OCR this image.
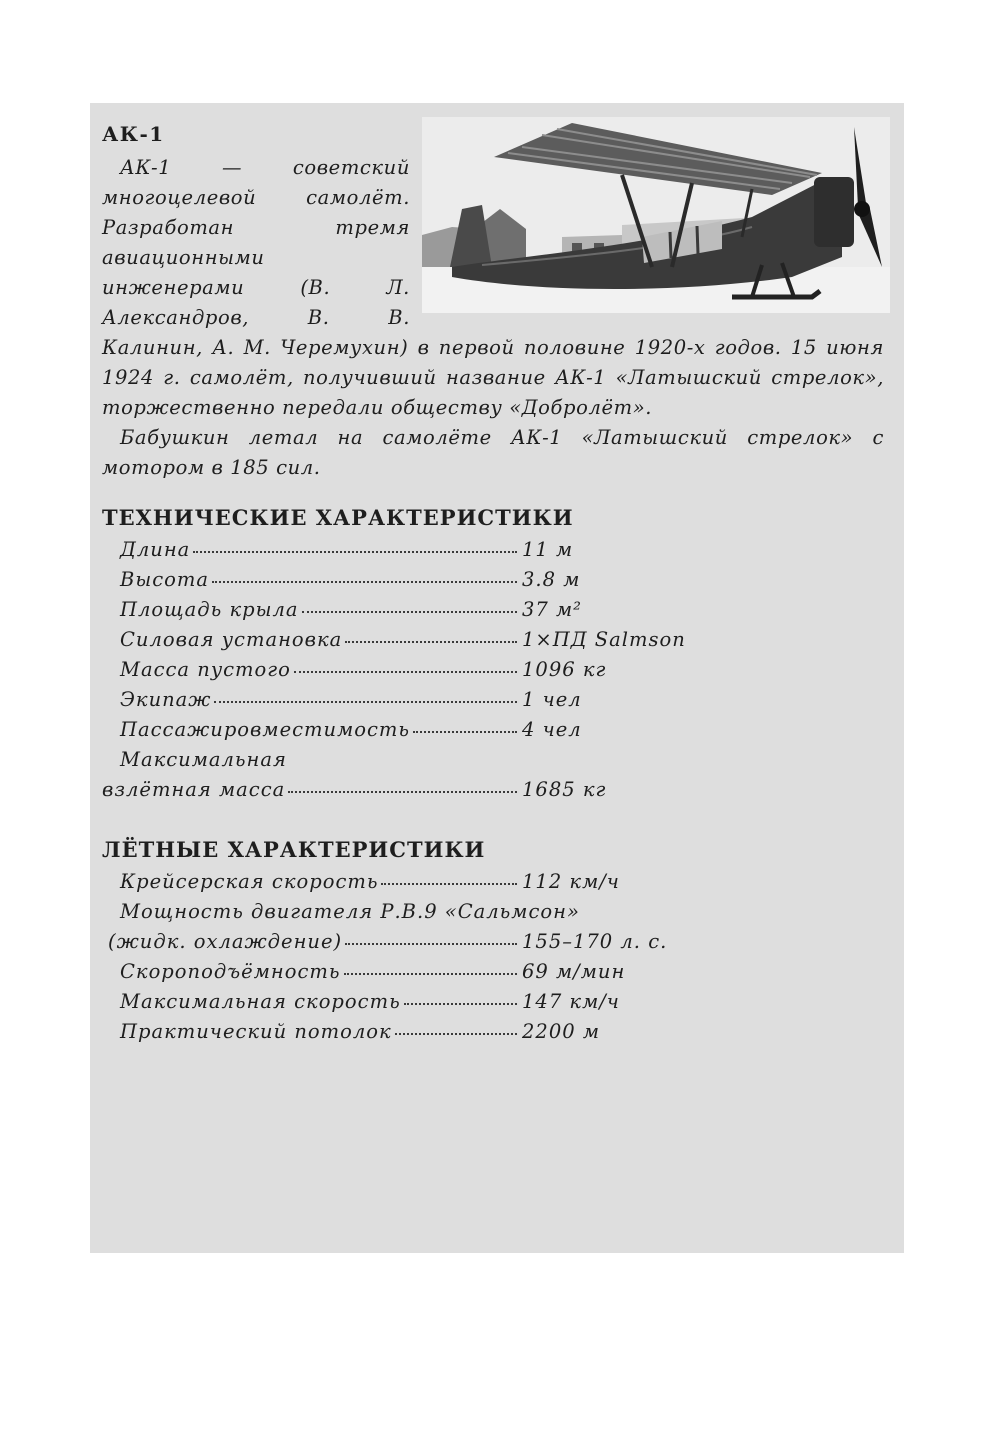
АК-1

АК-1 — советский многоцелевой самолёт. Разработан тремя авиационными инженерами (В. Л. Александров, В. В. Калинин, А. М. Черемухин) в первой половине 1920-х годов. 15 июня 1924 г. самолёт, получивший название АК-1 «Латышский стрелок», торжественно передали обществу «Добролёт».

Бабушкин летал на самолёте АК-1 «Латышский стрелок» с мотором в 185 сил.

ТЕХНИЧЕСКИЕ ХАРАКТЕРИСТИКИ
Длина	11 м
Высота	3.8 м
Площадь крыла	37 м²
Силовая установка	1×ПД Salmson
Масса пустого	1096 кг
Экипаж	1 чел
Пассажировместимость	4 чел
Максимальная
взлётная масса	1685 кг
ЛЁТНЫЕ ХАРАКТЕРИСТИКИ
Крейсерская скорость	112 км/ч
Мощность двигателя Р.В.9 «Сальмсон»
(жидк. охлаждение)	155–170 л. с.
Скороподъёмность	69 м/мин
Максимальная скорость	147 км/ч
Практический потолок	2200 м
